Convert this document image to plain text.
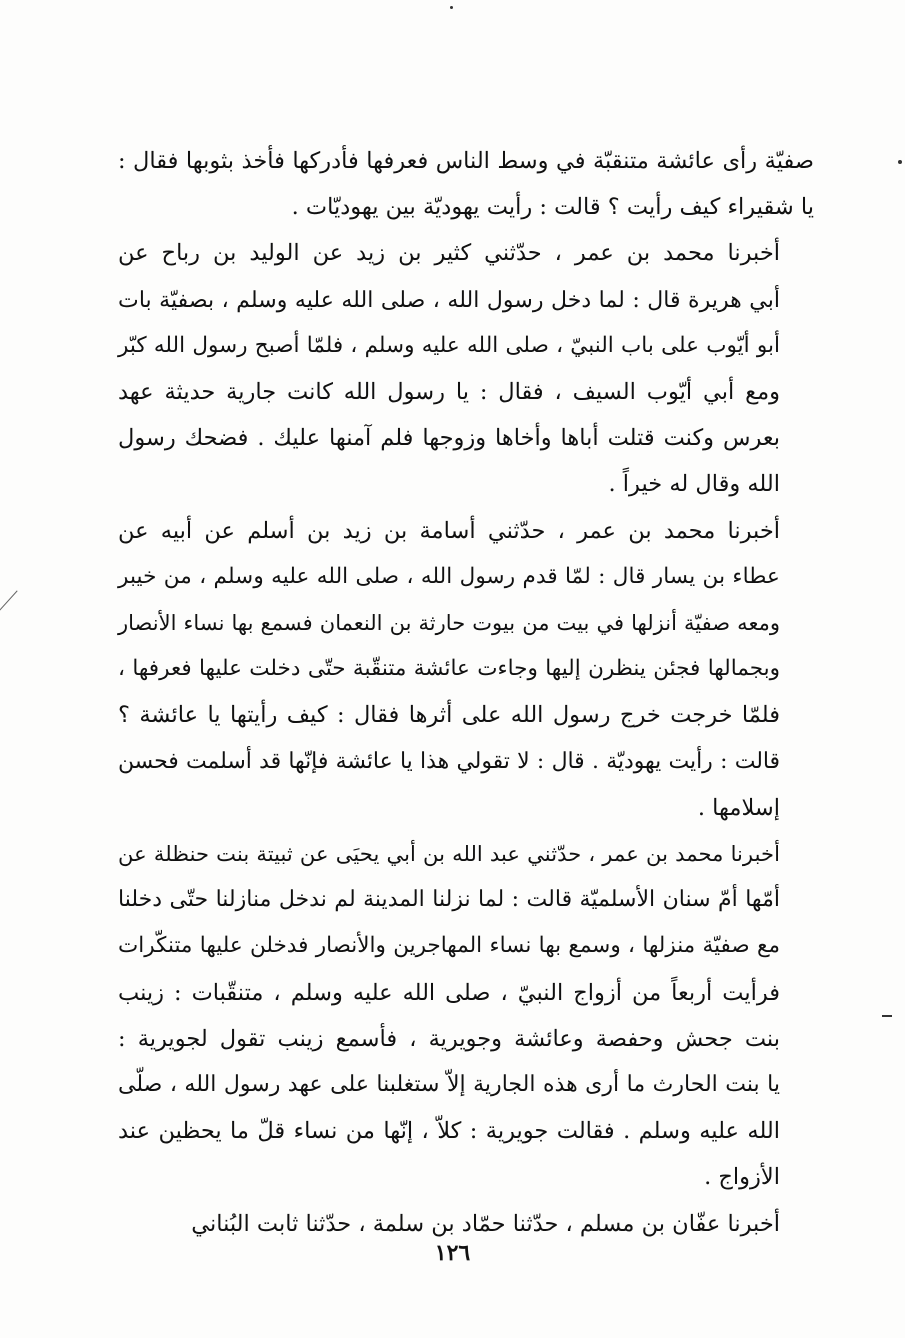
صفيّة رأى عائشة متنقبّة في وسط الناس فعرفها فأدركها فأخذ بثوبها فقال :
يا شقيراء كيف رأيت ؟ قالت : رأيت يهوديّة بين يهوديّات .
أخبرنا محمد بن عمر ، حدّثني كثير بن زيد عن الوليد بن رباح عن
أبي هريرة قال : لما دخل رسول الله ، صلى الله عليه وسلم ، بصفيّة بات
أبو أيّوب على باب النبيّ ، صلى الله عليه وسلم ، فلمّا أصبح رسول الله كبّر
ومع أبي أيّوب السيف ، فقال : يا رسول الله كانت جارية حديثة عهد
بعرس وكنت قتلت أباها وأخاها وزوجها فلم آمنها عليك . فضحك رسول
الله وقال له خيراً .
أخبرنا محمد بن عمر ، حدّثني أسامة بن زيد بن أسلم عن أبيه عن
عطاء بن يسار قال : لمّا قدم رسول الله ، صلى الله عليه وسلم ، من خيبر
ومعه صفيّة أنزلها في بيت من بيوت حارثة بن النعمان فسمع بها نساء الأنصار
وبجمالها فجئن ينظرن إليها وجاءت عائشة متنقّبة حتّى دخلت عليها فعرفها ،
فلمّا خرجت خرج رسول الله على أثرها فقال : كيف رأيتها يا عائشة ؟
قالت : رأيت يهوديّة . قال : لا تقولي هذا يا عائشة فإنّها قد أسلمت فحسن
إسلامها .
أخبرنا محمد بن عمر ، حدّثني عبد الله بن أبي يحيَى عن ثبيتة بنت حنظلة عن
أمّها أمّ سنان الأسلميّة قالت : لما نزلنا المدينة لم ندخل منازلنا حتّى دخلنا
مع صفيّة منزلها ، وسمع بها نساء المهاجرين والأنصار فدخلن عليها متنكّرات
فرأيت أربعاً من أزواج النبيّ ، صلى الله عليه وسلم ، متنقّبات : زينب
بنت جحش وحفصة وعائشة وجويرية ، فأسمع زينب تقول لجويرية :
يا بنت الحارث ما أرى هذه الجارية إلاّ ستغلبنا على عهد رسول الله ، صلّى
الله عليه وسلم . فقالت جويرية : كلاّ ، إنّها من نساء قلّ ما يحظين عند
الأزواج .
أخبرنا عفّان بن مسلم ، حدّثنا حمّاد بن سلمة ، حدّثنا ثابت البُناني
١٢٦
